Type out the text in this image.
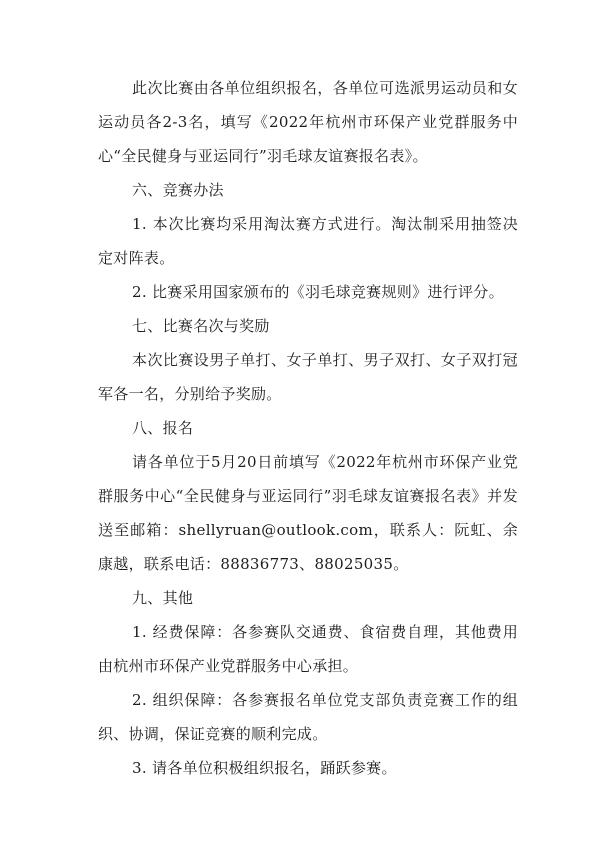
此次比赛由各单位组织报名，各单位可选派男运动员和女运动员各2-3名，填写《2022年杭州市环保产业党群服务中心“全民健身与亚运同行”羽毛球友谊赛报名表》。

六、竞赛办法

1. 本次比赛均采用淘汰赛方式进行。淘汰制采用抽签决定对阵表。

2. 比赛采用国家颁布的《羽毛球竞赛规则》进行评分。

七、比赛名次与奖励

本次比赛设男子单打、女子单打、男子双打、女子双打冠军各一名，分别给予奖励。

八、报名

请各单位于5月20日前填写《2022年杭州市环保产业党群服务中心“全民健身与亚运同行”羽毛球友谊赛报名表》并发送至邮箱：shellyruan@outlook.com，联系人：阮虹、余康越，联系电话：88836773、88025035。

九、其他

1. 经费保障：各参赛队交通费、食宿费自理，其他费用由杭州市环保产业党群服务中心承担。

2. 组织保障：各参赛报名单位党支部负责竞赛工作的组织、协调，保证竞赛的顺利完成。

3. 请各单位积极组织报名，踊跃参赛。
